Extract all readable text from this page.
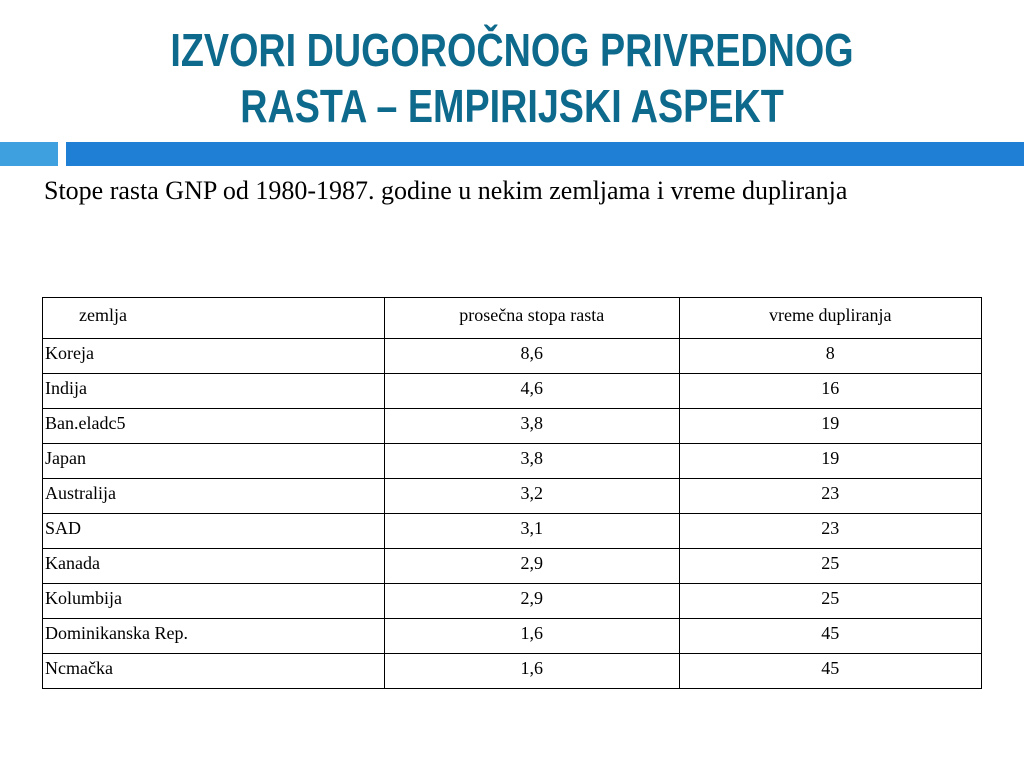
IZVORI DUGOROČNOG PRIVREDNOG
RASTA – EMPIRIJSKI ASPEKT
Stope rasta GNP od 1980-1987. godine u nekim zemljama i vreme dupliranja
zemlja	prosečna stopa rasta	vreme dupliranja
Koreja	8,6	8
Indija	4,6	16
Ban.eladc5	3,8	19
Japan	3,8	19
Australija	3,2	23
SAD	3,1	23
Kanada	2,9	25
Kolumbija	2,9	25
Dominikanska Rep.	1,6	45
Ncmačka	1,6	45
